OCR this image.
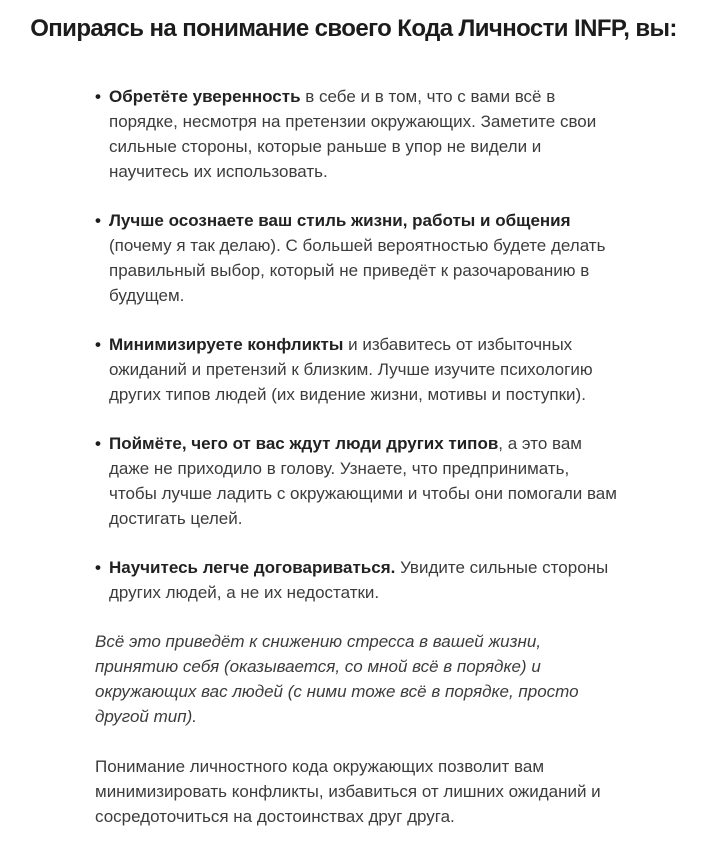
Опираясь на понимание своего Кода Личности INFP, вы:
• Обретёте уверенность в себе и в том, что с вами всё в порядке, несмотря на претензии окружающих. Заметите свои сильные стороны, которые раньше в упор не видели и научитесь их использовать.
• Лучше осознаете ваш стиль жизни, работы и общения (почему я так делаю). С большей вероятностью будете делать правильный выбор, который не приведёт к разочарованию в будущем.
• Минимизируете конфликты и избавитесь от избыточных ожиданий и претензий к близким. Лучше изучите психологию других типов людей (их видение жизни, мотивы и поступки).
• Поймёте, чего от вас ждут люди других типов, а это вам даже не приходило в голову. Узнаете, что предпринимать, чтобы лучше ладить с окружающими и чтобы они помогали вам достигать целей.
• Научитесь легче договариваться. Увидите сильные стороны других людей, а не их недостатки.

Всё это приведёт к снижению стресса в вашей жизни, принятию себя (оказывается, со мной всё в порядке) и окружающих вас людей (с ними тоже всё в порядке, просто другой тип).

Понимание личностного кода окружающих позволит вам минимизировать конфликты, избавиться от лишних ожиданий и сосредоточиться на достоинствах друг друга.
